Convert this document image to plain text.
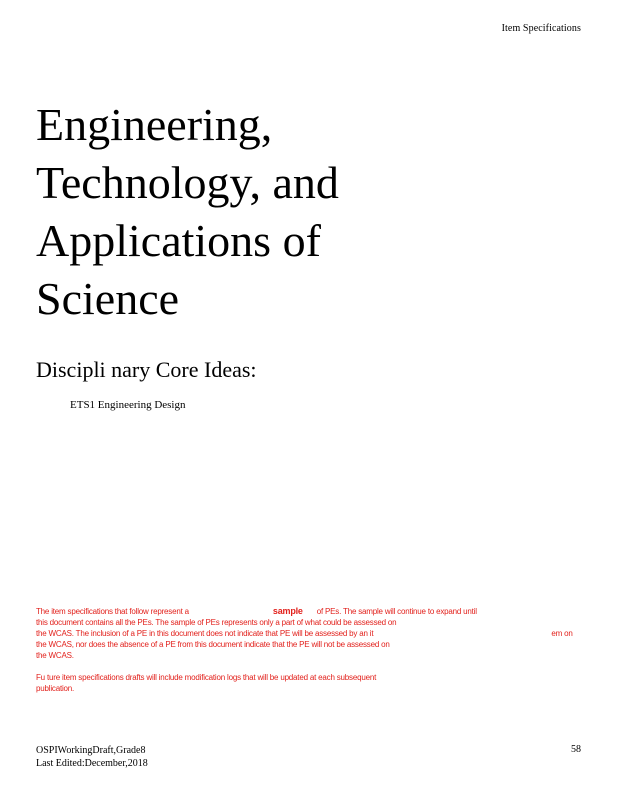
Item Specifications
Engineering,
Technology, and
Applications of
Science
Discipli nary Core Ideas:
ETS1 Engineering Design

The item specifications that follow represent a	sample of PEs. The sample will continue to expand until

this document contains all the PEs. The sample of PEs represents only a part of what could be assessed on

the WCAS. The inclusion of a PE in this document does not indicate that PE will be assessed by an it	em on

the WCAS, nor does the absence of a PE from this document indicate that the PE will not be assessed on

the WCAS.

Fu ture item specifications drafts will include modification logs that will be updated at each subsequent

publication.

OSPIWorkingDraft,Grade8
Last Edited:December,2018
58
